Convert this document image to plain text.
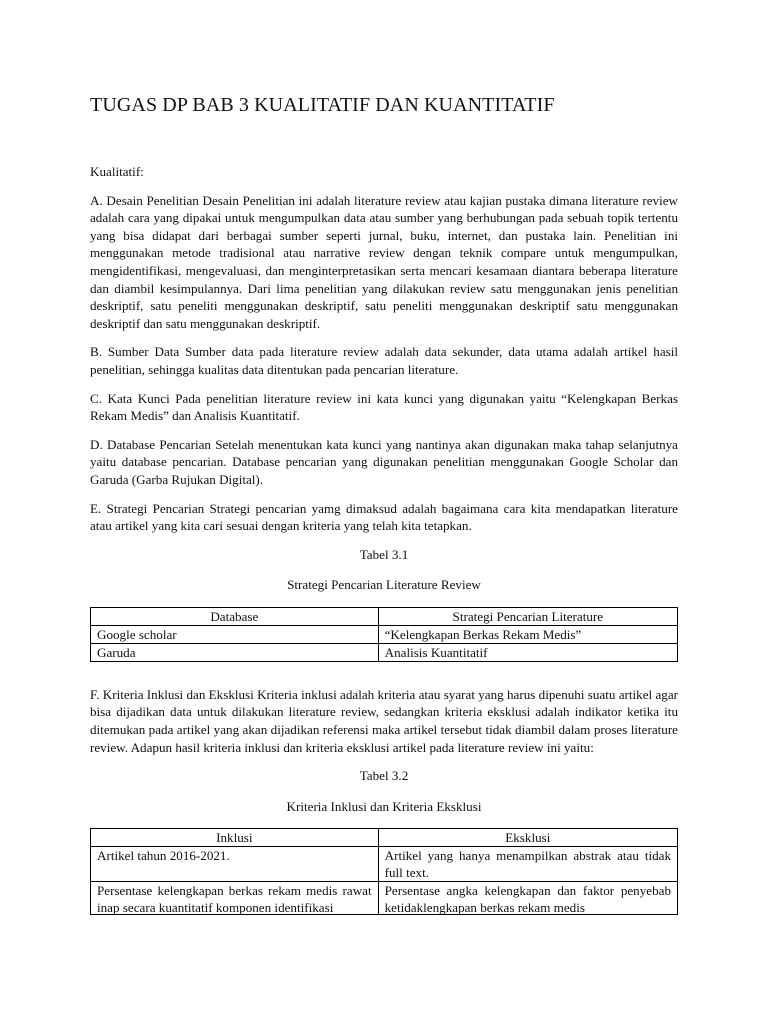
TUGAS DP BAB 3 KUALITATIF DAN KUANTITATIF

Kualitatif:

A. Desain Penelitian Desain Penelitian ini adalah literature review atau kajian pustaka dimana literature review adalah cara yang dipakai untuk mengumpulkan data atau sumber yang berhubungan pada sebuah topik tertentu yang bisa didapat dari berbagai sumber seperti jurnal, buku, internet, dan pustaka lain. Penelitian ini menggunakan metode tradisional atau narrative review dengan teknik compare untuk mengumpulkan, mengidentifikasi, mengevaluasi, dan menginterpretasikan serta mencari kesamaan diantara beberapa literature dan diambil kesimpulannya. Dari lima penelitian yang dilakukan review satu menggunakan jenis penelitian deskriptif, satu peneliti menggunakan deskriptif, satu peneliti menggunakan deskriptif satu menggunakan deskriptif dan satu menggunakan deskriptif.

B. Sumber Data Sumber data pada literature review adalah data sekunder, data utama adalah artikel hasil penelitian, sehingga kualitas data ditentukan pada pencarian literature.

C. Kata Kunci Pada penelitian literature review ini kata kunci yang digunakan yaitu “Kelengkapan Berkas Rekam Medis” dan Analisis Kuantitatif.

D. Database Pencarian Setelah menentukan kata kunci yang nantinya akan digunakan maka tahap selanjutnya yaitu database pencarian. Database pencarian yang digunakan penelitian menggunakan Google Scholar dan Garuda (Garba Rujukan Digital).

E. Strategi Pencarian Strategi pencarian yamg dimaksud adalah bagaimana cara kita mendapatkan literature atau artikel yang kita cari sesuai dengan kriteria yang telah kita tetapkan.

Tabel 3.1

Strategi Pencarian Literature Review

Database	Strategi Pencarian Literature
Google scholar	“Kelengkapan Berkas Rekam Medis”
Garuda	Analisis Kuantitatif

F. Kriteria Inklusi dan Eksklusi Kriteria inklusi adalah kriteria atau syarat yang harus dipenuhi suatu artikel agar bisa dijadikan data untuk dilakukan literature review, sedangkan kriteria eksklusi adalah indikator ketika itu ditemukan pada artikel yang akan dijadikan referensi maka artikel tersebut tidak diambil dalam proses literature review. Adapun hasil kriteria inklusi dan kriteria eksklusi artikel pada literature review ini yaitu:

Tabel 3.2

Kriteria Inklusi dan Kriteria Eksklusi

Inklusi	Eksklusi
Artikel tahun 2016-2021.	Artikel yang hanya menampilkan abstrak atau tidak full text.

Persentase kelengkapan berkas rekam medis rawat inap secara kuantitatif komponen identifikasi	Persentase angka kelengkapan dan faktor penyebab ketidaklengkapan berkas rekam medis
